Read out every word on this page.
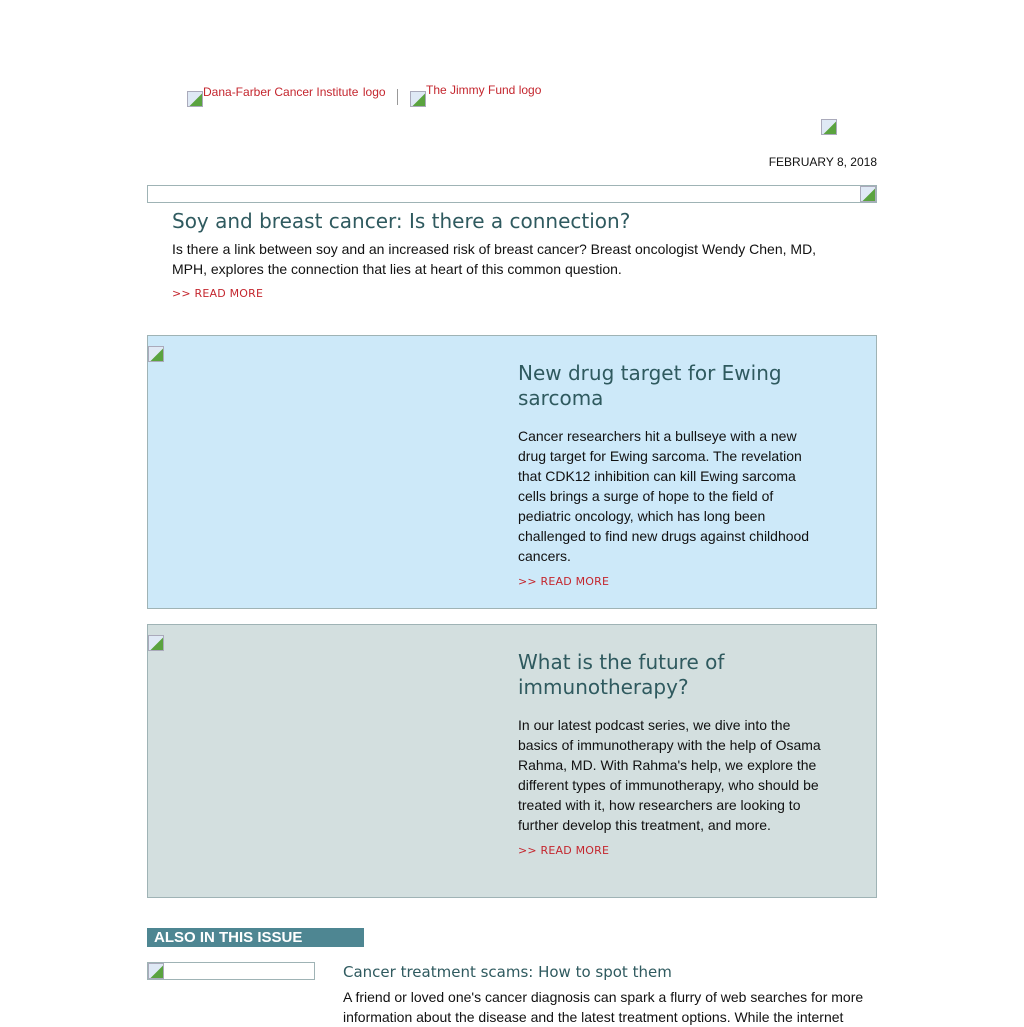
Dana-Farber Cancer Institute logo	The Jimmy Fund logo
FEBRUARY 8, 2018
Soy and breast cancer: Is there a connection?

Is there a link between soy and an increased risk of breast cancer? Breast oncologist Wendy Chen, MD, MPH, explores the connection that lies at heart of this common question.

>> READ MORE
New drug target for Ewing sarcoma

Cancer researchers hit a bullseye with a new drug target for Ewing sarcoma. The revelation that CDK12 inhibition can kill Ewing sarcoma cells brings a surge of hope to the field of pediatric oncology, which has long been challenged to find new drugs against childhood cancers.

>> READ MORE
What is the future of immunotherapy?

In our latest podcast series, we dive into the basics of immunotherapy with the help of Osama Rahma, MD. With Rahma's help, we explore the different types of immunotherapy, who should be treated with it, how researchers are looking to further develop this treatment, and more.

>> READ MORE
ALSO IN THIS ISSUE
Cancer treatment scams: How to spot them

A friend or loved one's cancer diagnosis can spark a flurry of web searches for more information about the disease and the latest treatment options. While the internet
